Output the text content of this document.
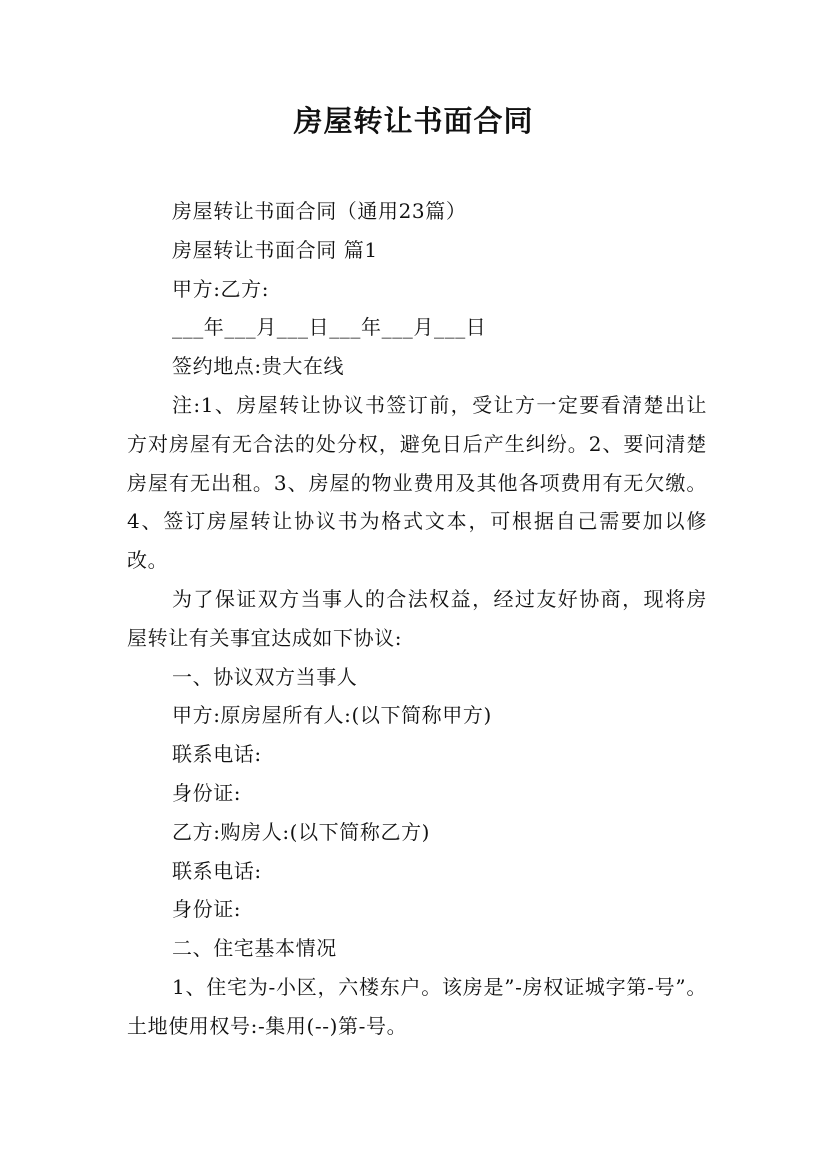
房屋转让书面合同

房屋转让书面合同（通用23篇）

房屋转让书面合同 篇1

甲方:乙方:

___年___月___日___年___月___日

签约地点:贵大在线

注:1、房屋转让协议书签订前，受让方一定要看清楚出让方对房屋有无合法的处分权，避免日后产生纠纷。2、要问清楚房屋有无出租。3、房屋的物业费用及其他各项费用有无欠缴。4、签订房屋转让协议书为格式文本，可根据自己需要加以修改。

为了保证双方当事人的合法权益，经过友好协商，现将房屋转让有关事宜达成如下协议:

一、协议双方当事人

甲方:原房屋所有人:(以下简称甲方)

联系电话:

身份证:

乙方:购房人:(以下简称乙方)

联系电话:

身份证:

二、住宅基本情况

1、住宅为-小区，六楼东户。该房是”-房权证城字第-号”。土地使用权号:-集用(--)第-号。
